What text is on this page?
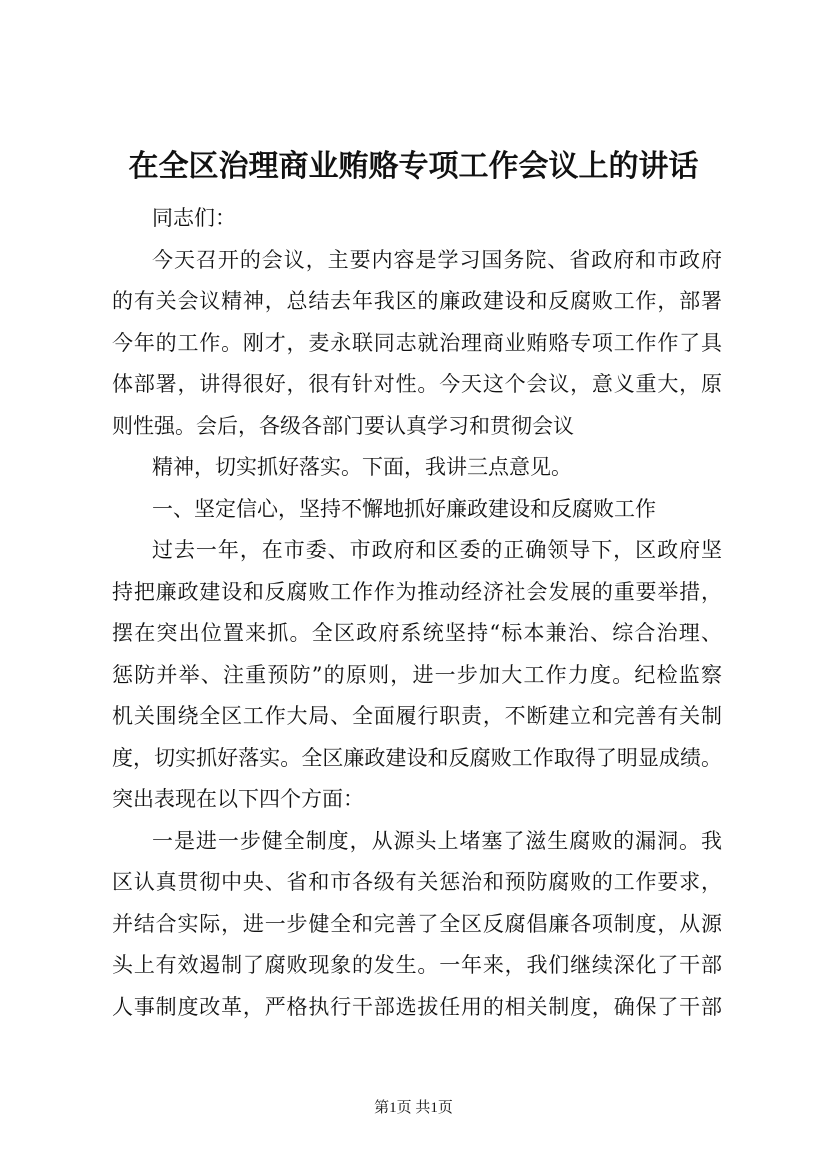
在全区治理商业贿赂专项工作会议上的讲话
同志们：
今天召开的会议，主要内容是学习国务院、省政府和市政府
的有关会议精神，总结去年我区的廉政建设和反腐败工作，部署
今年的工作。刚才，麦永联同志就治理商业贿赂专项工作作了具
体部署，讲得很好，很有针对性。今天这个会议，意义重大，原
则性强。会后，各级各部门要认真学习和贯彻会议
精神，切实抓好落实。下面，我讲三点意见。
一、坚定信心，坚持不懈地抓好廉政建设和反腐败工作
过去一年，在市委、市政府和区委的正确领导下，区政府坚
持把廉政建设和反腐败工作作为推动经济社会发展的重要举措，
摆在突出位置来抓。全区政府系统坚持“标本兼治、综合治理、
惩防并举、注重预防”的原则，进一步加大工作力度。纪检监察
机关围绕全区工作大局、全面履行职责，不断建立和完善有关制
度，切实抓好落实。全区廉政建设和反腐败工作取得了明显成绩。
突出表现在以下四个方面：
一是进一步健全制度，从源头上堵塞了滋生腐败的漏洞。我
区认真贯彻中央、省和市各级有关惩治和预防腐败的工作要求，
并结合实际，进一步健全和完善了全区反腐倡廉各项制度，从源
头上有效遏制了腐败现象的发生。一年来，我们继续深化了干部
人事制度改革，严格执行干部选拔任用的相关制度，确保了干部
第1页 共1页
